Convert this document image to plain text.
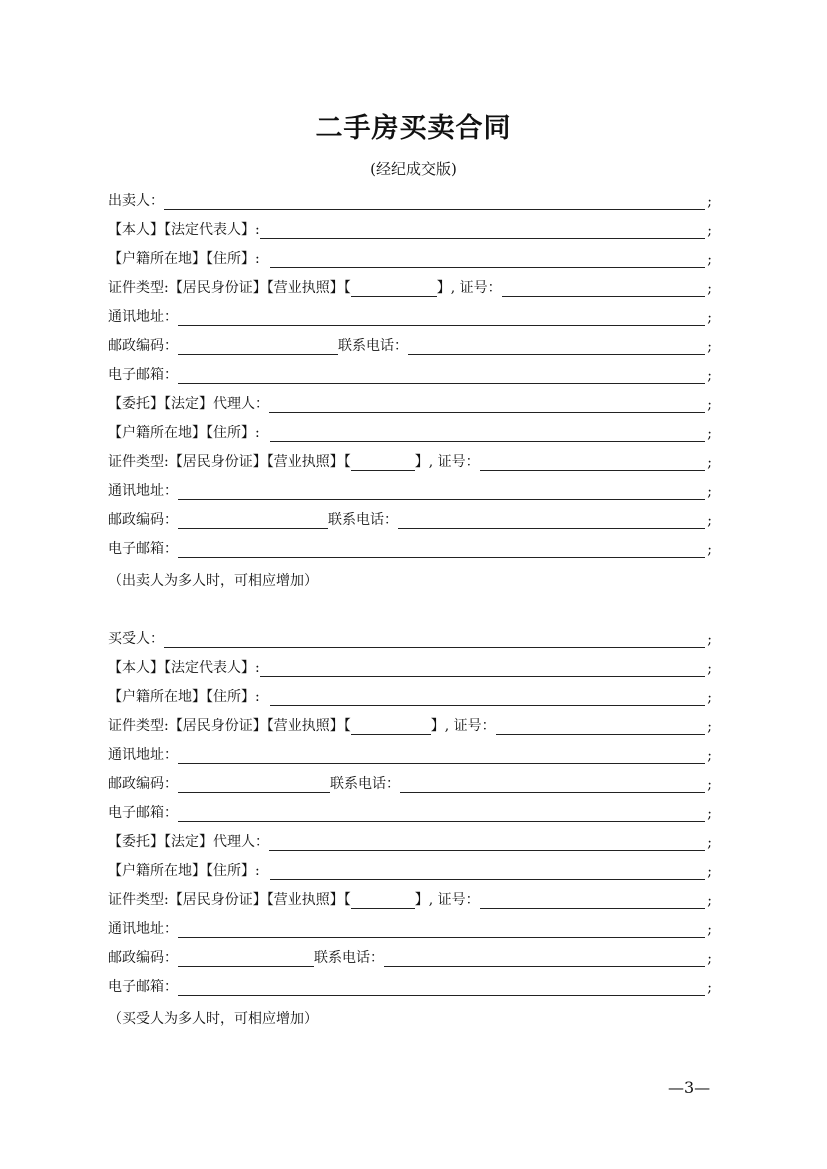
二手房买卖合同
(经纪成交版)
出卖人：	;
【本人】【法定代表人】:	;
【户籍所在地】【住所】:	;
证件类型:【居民身份证】【营业执照】【	】, 证号：	;
通讯地址：	;
邮政编码：	联系电话：	;
电子邮箱：	;
【委托】【法定】代理人：	;
【户籍所在地】【住所】:	;
证件类型:【居民身份证】【营业执照】【	】, 证号：	;
通讯地址：	;
邮政编码：	联系电话：	;
电子邮箱：	;
（出卖人为多人时，可相应增加）
买受人：	;
【本人】【法定代表人】:	;
【户籍所在地】【住所】:	;
证件类型:【居民身份证】【营业执照】【	】, 证号：	;
通讯地址：	;
邮政编码：	联系电话：	;
电子邮箱：	;
【委托】【法定】代理人：	;
【户籍所在地】【住所】:	;
证件类型:【居民身份证】【营业执照】【	】, 证号：	;
通讯地址：	;
邮政编码：	联系电话：	;
电子邮箱：	;
（买受人为多人时，可相应增加）
—3—
